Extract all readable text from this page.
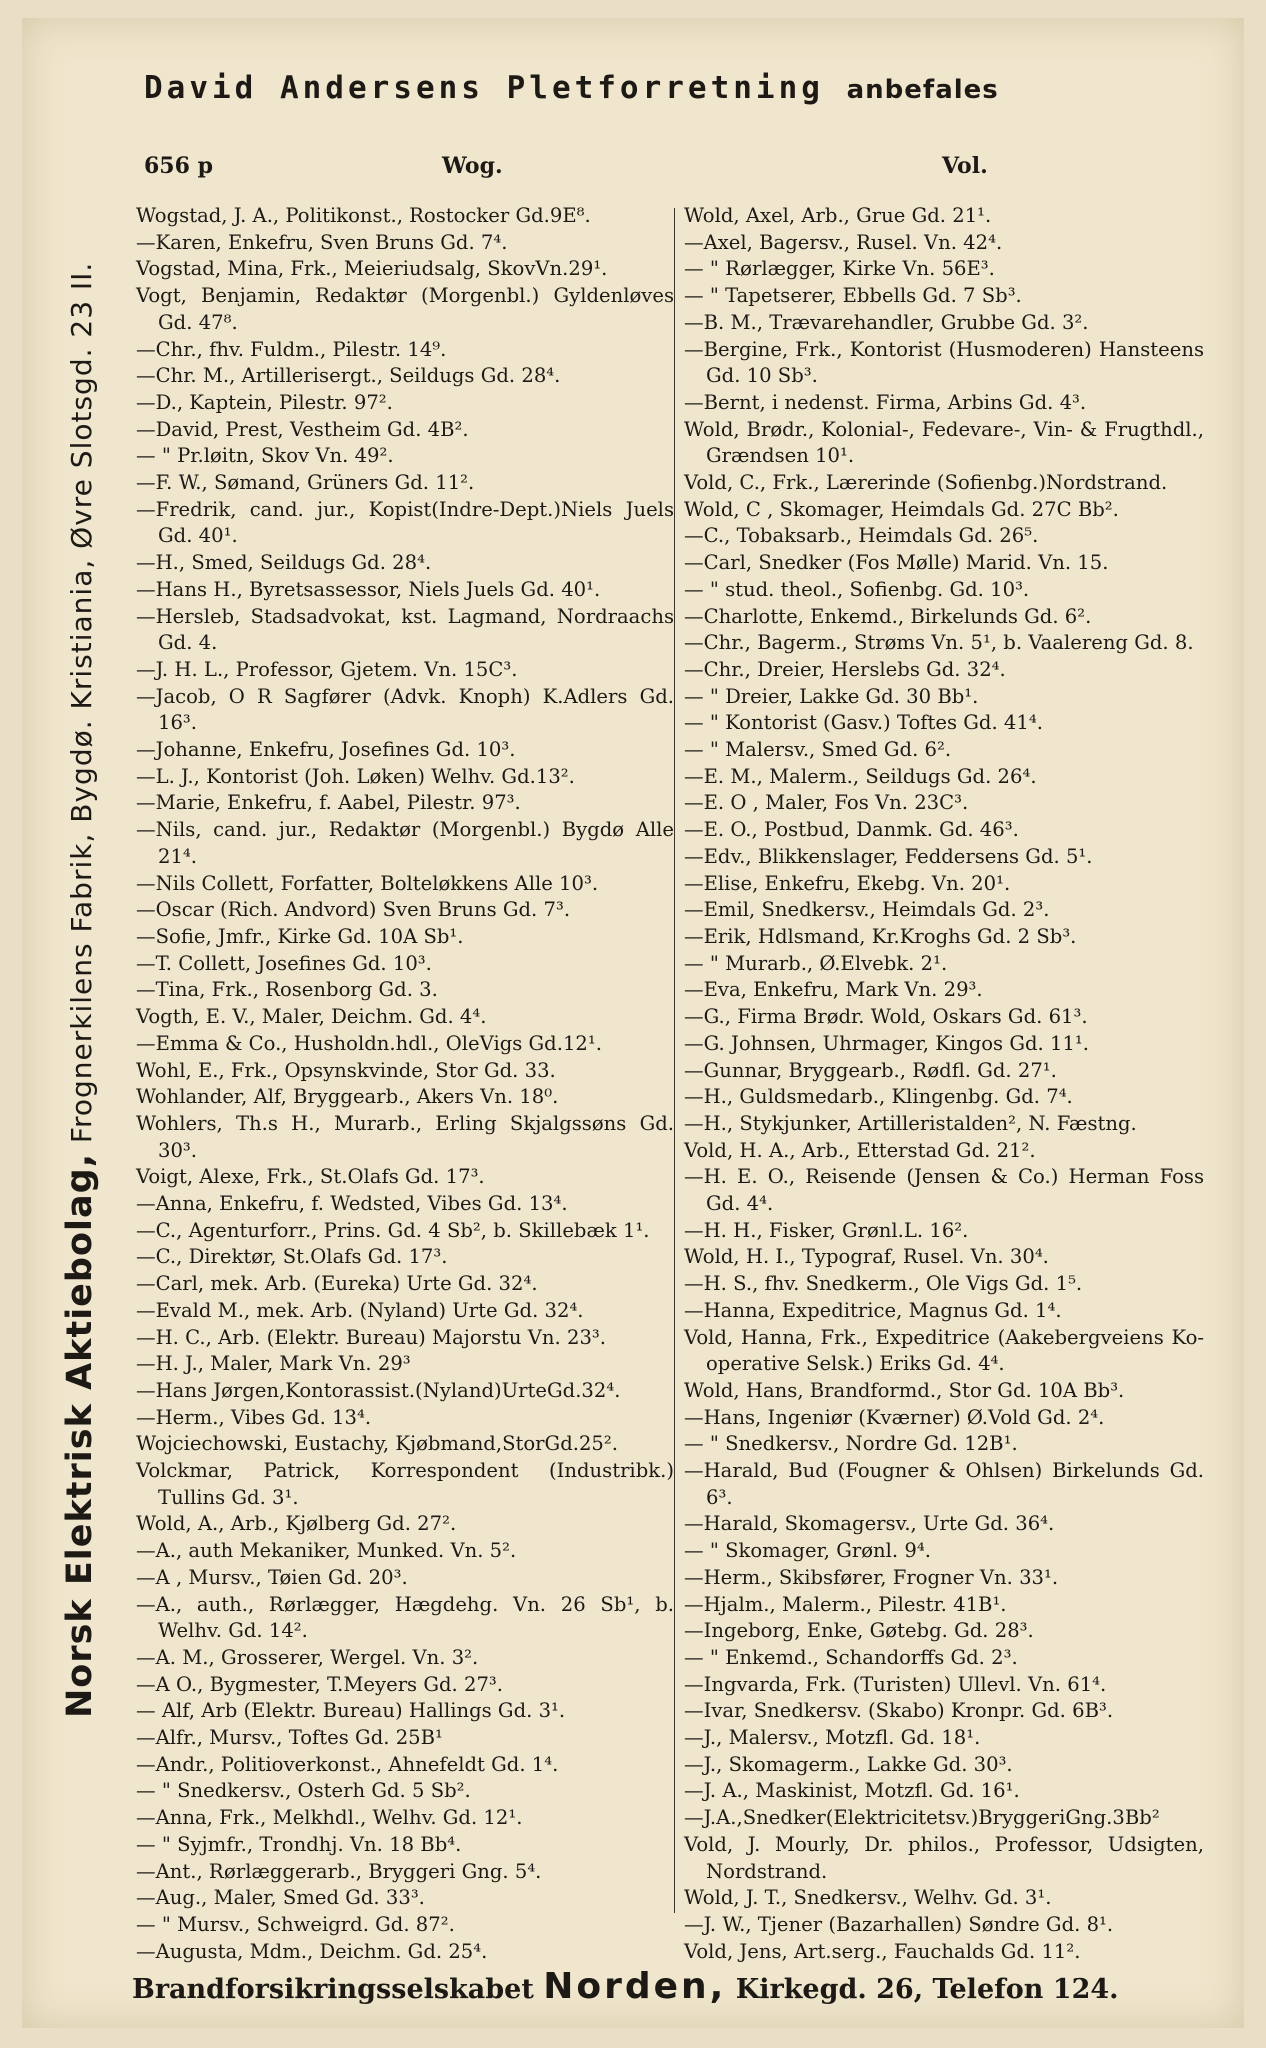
David Andersens Pletforretning anbefales
656 p	Wog.	Vol.
Wogstad, J. A., Politikonst., Rostocker Gd.9E⁸.
—Karen, Enkefru, Sven Bruns Gd. 7⁴.
Vogstad, Mina, Frk., Meieriudsalg, SkovVn.29¹.
Vogt, Benjamin, Redaktør (Morgenbl.) Gyldenløves Gd. 47⁸.
—Chr., fhv. Fuldm., Pilestr. 14⁹.
—Chr. M., Artillerisergt., Seildugs Gd. 28⁴.
—D., Kaptein, Pilestr. 97².
—David, Prest, Vestheim Gd. 4B².
— " Pr.løitn, Skov Vn. 49².
—F. W., Sømand, Grüners Gd. 11².
—Fredrik, cand. jur., Kopist(Indre-Dept.)Niels Juels Gd. 40¹.
—H., Smed, Seildugs Gd. 28⁴.
—Hans H., Byretsassessor, Niels Juels Gd. 40¹.
—Hersleb, Stadsadvokat, kst. Lagmand, Nordraachs Gd. 4.
—J. H. L., Professor, Gjetem. Vn. 15C³.
—Jacob, O R Sagfører (Advk. Knoph) K.Adlers Gd. 16³.
—Johanne, Enkefru, Josefines Gd. 10³.
—L. J., Kontorist (Joh. Løken) Welhv. Gd.13².
—Marie, Enkefru, f. Aabel, Pilestr. 97³.
—Nils, cand. jur., Redaktør (Morgenbl.) Bygdø Alle 21⁴.
—Nils Collett, Forfatter, Bolteløkkens Alle 10³.
—Oscar (Rich. Andvord) Sven Bruns Gd. 7³.
—Sofie, Jmfr., Kirke Gd. 10A Sb¹.
—T. Collett, Josefines Gd. 10³.
—Tina, Frk., Rosenborg Gd. 3.
Vogth, E. V., Maler, Deichm. Gd. 4⁴.
—Emma & Co., Husholdn.hdl., OleVigs Gd.12¹.
Wohl, E., Frk., Opsynskvinde, Stor Gd. 33.
Wohlander, Alf, Bryggearb., Akers Vn. 18⁰.
Wohlers, Th.s H., Murarb., Erling Skjalgssøns Gd. 30³.
Voigt, Alexe, Frk., St.Olafs Gd. 17³.
—Anna, Enkefru, f. Wedsted, Vibes Gd. 13⁴.
—C., Agenturforr., Prins. Gd. 4 Sb², b. Skillebæk 1¹.
—C., Direktør, St.Olafs Gd. 17³.
—Carl, mek. Arb. (Eureka) Urte Gd. 32⁴.
—Evald M., mek. Arb. (Nyland) Urte Gd. 32⁴.
—H. C., Arb. (Elektr. Bureau) Majorstu Vn. 23³.
—H. J., Maler, Mark Vn. 29³
—Hans Jørgen,Kontorassist.(Nyland)UrteGd.32⁴.
—Herm., Vibes Gd. 13⁴.
Wojciechowski, Eustachy, Kjøbmand,StorGd.25².
Volckmar, Patrick, Korrespondent (Industribk.) Tullins Gd. 3¹.
Wold, A., Arb., Kjølberg Gd. 27².
—A., auth Mekaniker, Munked. Vn. 5².
—A , Mursv., Tøien Gd. 20³.
—A., auth., Rørlægger, Hægdehg. Vn. 26 Sb¹, b. Welhv. Gd. 14².
—A. M., Grosserer, Wergel. Vn. 3².
—A O., Bygmester, T.Meyers Gd. 27³.
— Alf, Arb (Elektr. Bureau) Hallings Gd. 3¹.
—Alfr., Mursv., Toftes Gd. 25B¹
—Andr., Politioverkonst., Ahnefeldt Gd. 1⁴.
— " Snedkersv., Osterh Gd. 5 Sb².
—Anna, Frk., Melkhdl., Welhv. Gd. 12¹.
— " Syjmfr., Trondhj. Vn. 18 Bb⁴.
—Ant., Rørlæggerarb., Bryggeri Gng. 5⁴.
—Aug., Maler, Smed Gd. 33³.
— " Mursv., Schweigrd. Gd. 87².
—Augusta, Mdm., Deichm. Gd. 25⁴.
Wold, Axel, Arb., Grue Gd. 21¹.
—Axel, Bagersv., Rusel. Vn. 42⁴.
— " Rørlægger, Kirke Vn. 56E³.
— " Tapetserer, Ebbells Gd. 7 Sb³.
—B. M., Trævarehandler, Grubbe Gd. 3².
—Bergine, Frk., Kontorist (Husmoderen) Hansteens Gd. 10 Sb³.
—Bernt, i nedenst. Firma, Arbins Gd. 4³.
Wold, Brødr., Kolonial-, Fedevare-, Vin- & Frugthdl., Grændsen 10¹.
Vold, C., Frk., Lærerinde (Sofienbg.)Nordstrand.
Wold, C , Skomager, Heimdals Gd. 27C Bb².
—C., Tobaksarb., Heimdals Gd. 26⁵.
—Carl, Snedker (Fos Mølle) Marid. Vn. 15.
— " stud. theol., Sofienbg. Gd. 10³.
—Charlotte, Enkemd., Birkelunds Gd. 6².
—Chr., Bagerm., Strøms Vn. 5¹, b. Vaalereng Gd. 8.
—Chr., Dreier, Herslebs Gd. 32⁴.
— " Dreier, Lakke Gd. 30 Bb¹.
— " Kontorist (Gasv.) Toftes Gd. 41⁴.
— " Malersv., Smed Gd. 6².
—E. M., Malerm., Seildugs Gd. 26⁴.
—E. O , Maler, Fos Vn. 23C³.
—E. O., Postbud, Danmk. Gd. 46³.
—Edv., Blikkenslager, Feddersens Gd. 5¹.
—Elise, Enkefru, Ekebg. Vn. 20¹.
—Emil, Snedkersv., Heimdals Gd. 2³.
—Erik, Hdlsmand, Kr.Kroghs Gd. 2 Sb³.
— " Murarb., Ø.Elvebk. 2¹.
—Eva, Enkefru, Mark Vn. 29³.
—G., Firma Brødr. Wold, Oskars Gd. 61³.
—G. Johnsen, Uhrmager, Kingos Gd. 11¹.
—Gunnar, Bryggearb., Rødfl. Gd. 27¹.
—H., Guldsmedarb., Klingenbg. Gd. 7⁴.
—H., Stykjunker, Artilleristalden², N. Fæstng.
Vold, H. A., Arb., Etterstad Gd. 21².
—H. E. O., Reisende (Jensen & Co.) Herman Foss Gd. 4⁴.
—H. H., Fisker, Grønl.L. 16².
Wold, H. I., Typograf, Rusel. Vn. 30⁴.
—H. S., fhv. Snedkerm., Ole Vigs Gd. 1⁵.
—Hanna, Expeditrice, Magnus Gd. 1⁴.
Vold, Hanna, Frk., Expeditrice (Aakebergveiens Ko-operative Selsk.) Eriks Gd. 4⁴.
Wold, Hans, Brandformd., Stor Gd. 10A Bb³.
—Hans, Ingeniør (Kværner) Ø.Vold Gd. 2⁴.
— " Snedkersv., Nordre Gd. 12B¹.
—Harald, Bud (Fougner & Ohlsen) Birkelunds Gd. 6³.
—Harald, Skomagersv., Urte Gd. 36⁴.
— " Skomager, Grønl. 9⁴.
—Herm., Skibsfører, Frogner Vn. 33¹.
—Hjalm., Malerm., Pilestr. 41B¹.
—Ingeborg, Enke, Gøtebg. Gd. 28³.
— " Enkemd., Schandorffs Gd. 2³.
—Ingvarda, Frk. (Turisten) Ullevl. Vn. 61⁴.
—Ivar, Snedkersv. (Skabo) Kronpr. Gd. 6B³.
—J., Malersv., Motzfl. Gd. 18¹.
—J., Skomagerm., Lakke Gd. 30³.
—J. A., Maskinist, Motzfl. Gd. 16¹.
—J.A.,Snedker(Elektricitetsv.)BryggeriGng.3Bb²
Vold, J. Mourly, Dr. philos., Professor, Udsigten, Nordstrand.
Wold, J. T., Snedkersv., Welhv. Gd. 3¹.
—J. W., Tjener (Bazarhallen) Søndre Gd. 8¹.
Vold, Jens, Art.serg., Fauchalds Gd. 11².
Norsk Elektrisk Aktiebolag, Frognerkilens Fabrik, Bygdø. Kristiania, Øvre Slotsgd. 23 II.
Brandforsikringsselskabet Norden, Kirkegd. 26, Telefon 124.
